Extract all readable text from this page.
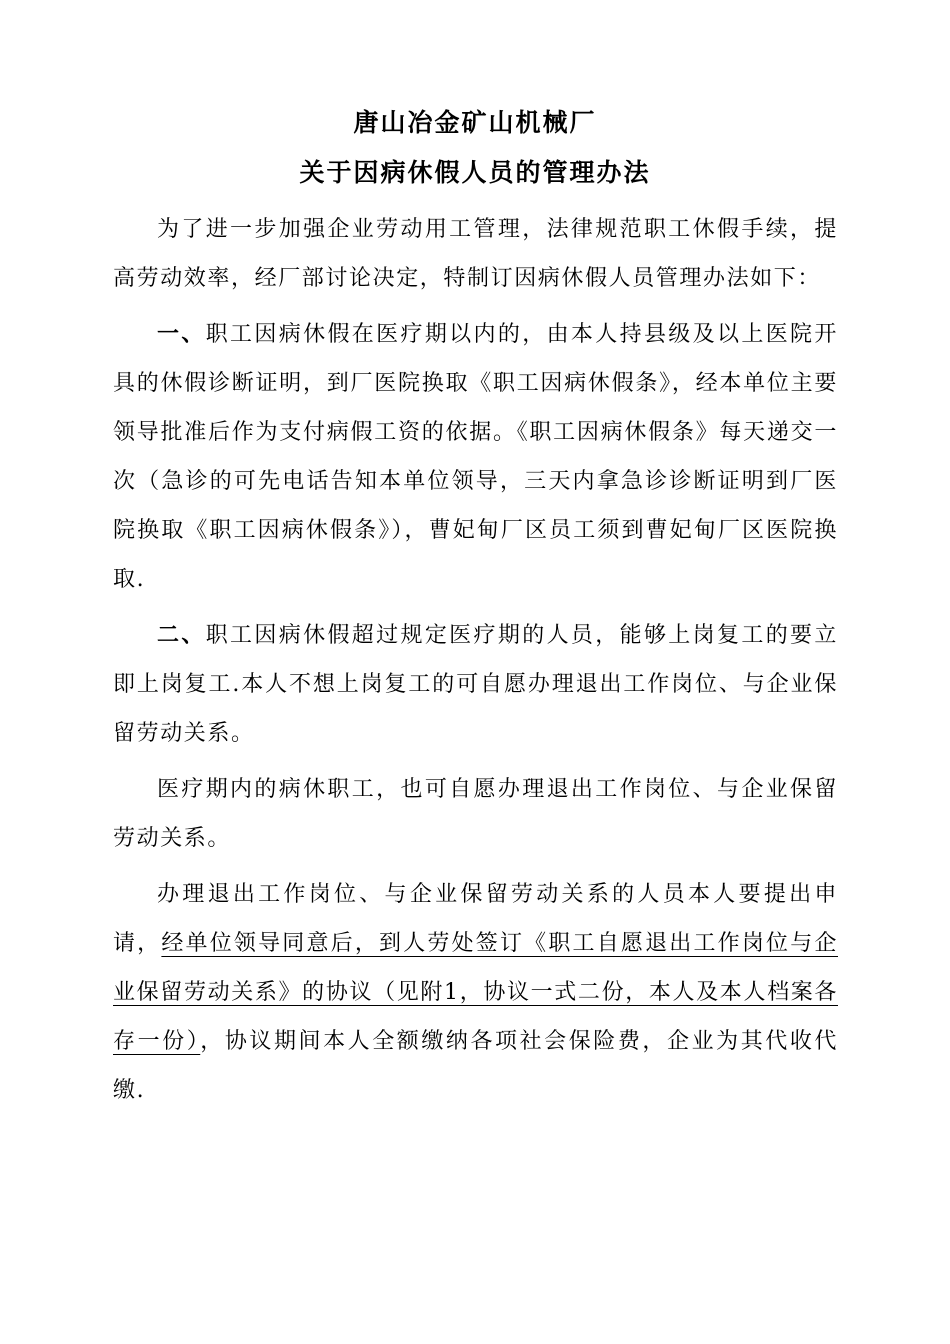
唐山冶金矿山机械厂
关于因病休假人员的管理办法

为了进一步加强企业劳动用工管理，法律规范职工休假手续，提高劳动效率，经厂部讨论决定，特制订因病休假人员管理办法如下：

一、职工因病休假在医疗期以内的，由本人持县级及以上医院开具的休假诊断证明，到厂医院换取《职工因病休假条》，经本单位主要领导批准后作为支付病假工资的依据。《职工因病休假条》每天递交一次（急诊的可先电话告知本单位领导，三天内拿急诊诊断证明到厂医院换取《职工因病休假条》），曹妃甸厂区员工须到曹妃甸厂区医院换取.

二、职工因病休假超过规定医疗期的人员，能够上岗复工的要立即上岗复工.本人不想上岗复工的可自愿办理退出工作岗位、与企业保留劳动关系。

医疗期内的病休职工，也可自愿办理退出工作岗位、与企业保留劳动关系。

办理退出工作岗位、与企业保留劳动关系的人员本人要提出申请，经单位领导同意后，到人劳处签订《职工自愿退出工作岗位与企业保留劳动关系》的协议（见附1，协议一式二份，本人及本人档案各存一份），协议期间本人全额缴纳各项社会保险费，企业为其代收代缴.
